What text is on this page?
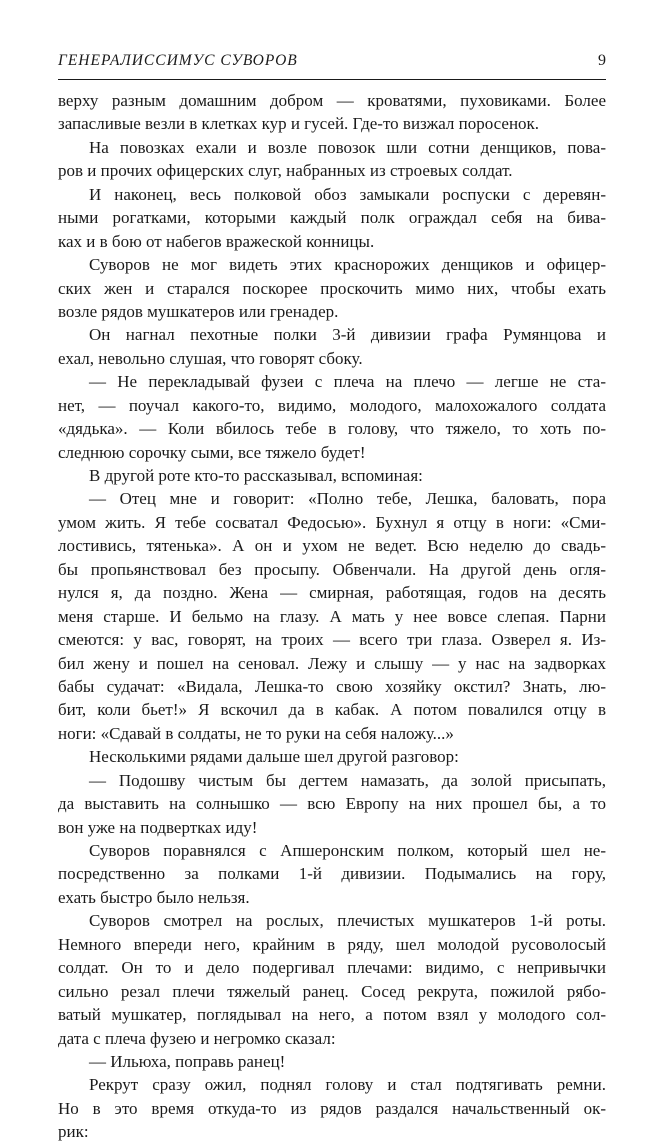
ГЕНЕРАЛИССИМУС СУВОРОВ	9
верху разным домашним добром — кроватями, пуховиками. Более
запасливые везли в клетках кур и гусей. Где-то визжал поросенок.
На повозках ехали и возле повозок шли сотни денщиков, пова-
ров и прочих офицерских слуг, набранных из строевых солдат.
И наконец, весь полковой обоз замыкали роспуски с деревян-
ными рогатками, которыми каждый полк ограждал себя на бива-
ках и в бою от набегов вражеской конницы.
Суворов не мог видеть этих краснорожих денщиков и офицер-
ских жен и старался поскорее проскочить мимо них, чтобы ехать
возле рядов мушкатеров или гренадер.
Он нагнал пехотные полки 3-й дивизии графа Румянцова и
ехал, невольно слушая, что говорят сбоку.
— Не перекладывай фузеи с плеча на плечо — легше не ста-
нет, — поучал какого-то, видимо, молодого, малохожалого солдата
«дядька». — Коли вбилось тебе в голову, что тяжело, то хоть по-
следнюю сорочку сыми, все тяжело будет!
В другой роте кто-то рассказывал, вспоминая:
— Отец мне и говорит: «Полно тебе, Лешка, баловать, пора
умом жить. Я тебе сосватал Федосью». Бухнул я отцу в ноги: «Сми-
лостивись, тятенька». А он и ухом не ведет. Всю неделю до свадь-
бы пропьянствовал без просыпу. Обвенчали. На другой день огля-
нулся я, да поздно. Жена — смирная, работящая, годов на десять
меня старше. И бельмо на глазу. А мать у нее вовсе слепая. Парни
смеются: у вас, говорят, на троих — всего три глаза. Озверел я. Из-
бил жену и пошел на сеновал. Лежу и слышу — у нас на задворках
бабы судачат: «Видала, Лешка-то свою хозяйку окстил? Знать, лю-
бит, коли бьет!» Я вскочил да в кабак. А потом повалился отцу в
ноги: «Сдавай в солдаты, не то руки на себя наложу...»
Несколькими рядами дальше шел другой разговор:
— Подошву чистым бы дегтем намазать, да золой присыпать,
да выставить на солнышко — всю Европу на них прошел бы, а то
вон уже на подвертках иду!
Суворов поравнялся с Апшеронским полком, который шел не-
посредственно за полками 1-й дивизии. Подымались на гору,
ехать быстро было нельзя.
Суворов смотрел на рослых, плечистых мушкатеров 1-й роты.
Немного впереди него, крайним в ряду, шел молодой русоволосый
солдат. Он то и дело подергивал плечами: видимо, с непривычки
сильно резал плечи тяжелый ранец. Сосед рекрута, пожилой рябо-
ватый мушкатер, поглядывал на него, а потом взял у молодого сол-
дата с плеча фузею и негромко сказал:
— Ильюха, поправь ранец!
Рекрут сразу ожил, поднял голову и стал подтягивать ремни.
Но в это время откуда-то из рядов раздался начальственный ок-
рик:
